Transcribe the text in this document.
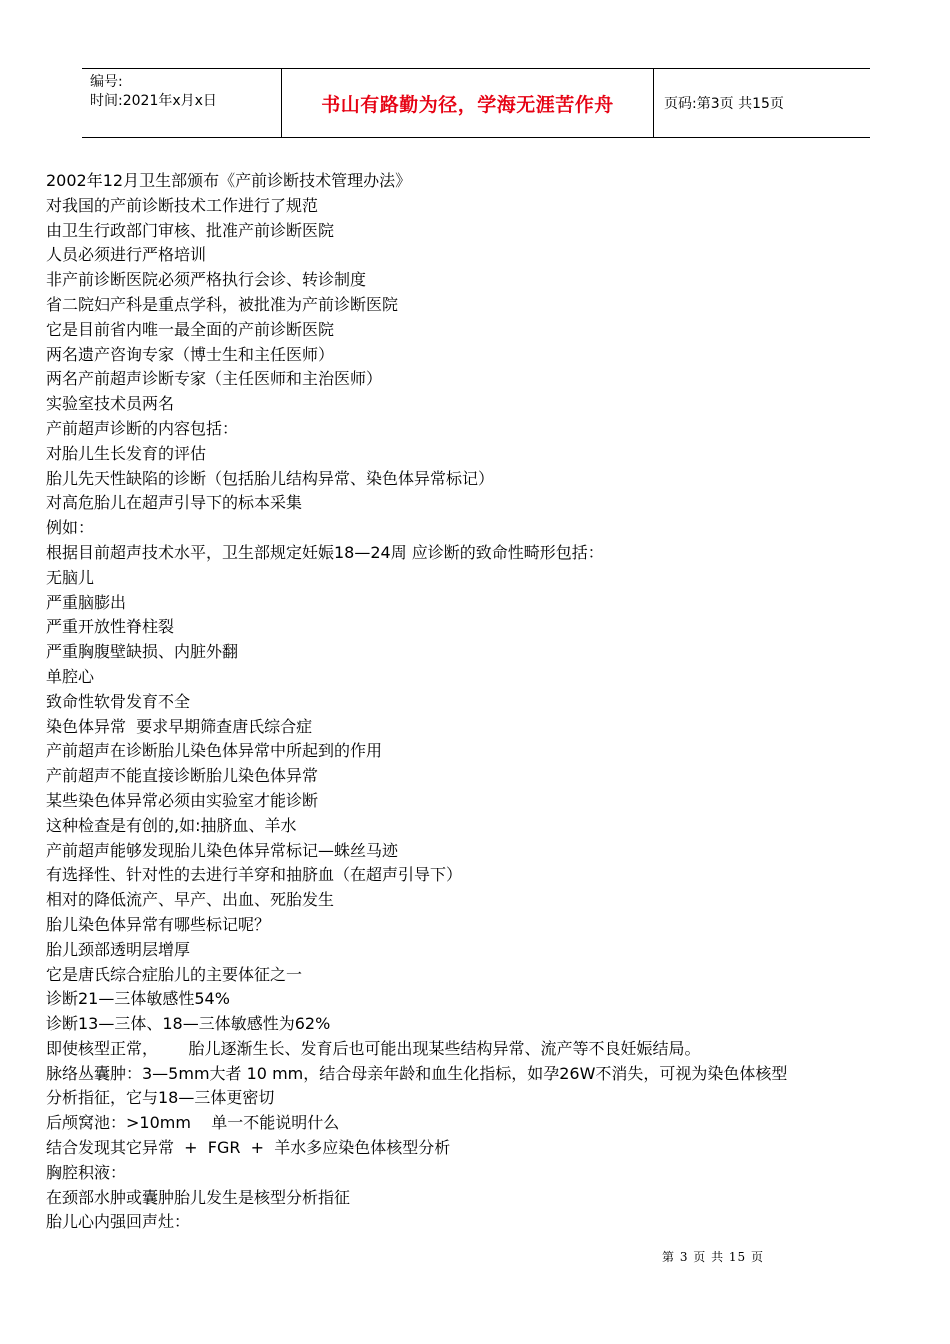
编号:
时间:2021年x月x日	书山有路勤为径，学海无涯苦作舟	页码:第3页 共15页
2002年12月卫生部颁布《产前诊断技术管理办法》
对我国的产前诊断技术工作进行了规范
由卫生行政部门审核、批准产前诊断医院
人员必须进行严格培训
非产前诊断医院必须严格执行会诊、转诊制度
省二院妇产科是重点学科，被批准为产前诊断医院
它是目前省内唯一最全面的产前诊断医院
两名遗产咨询专家（博士生和主任医师）
两名产前超声诊断专家（主任医师和主治医师）
实验室技术员两名
产前超声诊断的内容包括：
对胎儿生长发育的评估
胎儿先天性缺陷的诊断（包括胎儿结构异常、染色体异常标记）
对高危胎儿在超声引导下的标本采集
例如：
根据目前超声技术水平，卫生部规定妊娠18—24周 应诊断的致命性畸形包括：
无脑儿
严重脑膨出
严重开放性脊柱裂
严重胸腹壁缺损、内脏外翻
单腔心
致命性软骨发育不全
染色体异常  要求早期筛查唐氏综合症
产前超声在诊断胎儿染色体异常中所起到的作用
产前超声不能直接诊断胎儿染色体异常
某些染色体异常必须由实验室才能诊断
这种检查是有创的,如:抽脐血、羊水
产前超声能够发现胎儿染色体异常标记—蛛丝马迹
有选择性、针对性的去进行羊穿和抽脐血（在超声引导下）
相对的降低流产、早产、出血、死胎发生
胎儿染色体异常有哪些标记呢？
胎儿颈部透明层增厚
它是唐氏综合症胎儿的主要体征之一
诊断21—三体敏感性54%
诊断13—三体、18—三体敏感性为62%
即使核型正常，      胎儿逐渐生长、发育后也可能出现某些结构异常、流产等不良妊娠结局。
脉络丛囊肿：3—5mm大者 10 mm，结合母亲年龄和血生化指标，如孕26W不消失，可视为染色体核型
分析指征，它与18—三体更密切
后颅窝池：>10mm    单一不能说明什么
结合发现其它异常  +  FGR  +  羊水多应染色体核型分析
胸腔积液：
在颈部水肿或囊肿胎儿发生是核型分析指征
胎儿心内强回声灶：
第 3 页 共 15 页
